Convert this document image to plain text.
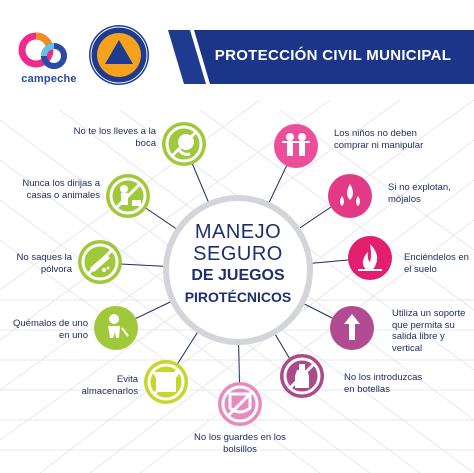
campeche
PROTECCIÓN CIVIL MUNICIPAL
MANEJO
SEGURO
DE JUEGOS
PIROTÉCNICOS
No te los lleves a la boca
Nunca los dirijas a casas o animales
No saques la pólvora
Quémalos de uno en uno
Evita almacenarlos
No los guardes en los bolsillos
Los niños no deben comprar ni manipular
Si no explotan, mójalos
Enciéndelos en el suelo
Utiliza un soporte que permita su salida libre y vertical
No los introduzcas en botellas
